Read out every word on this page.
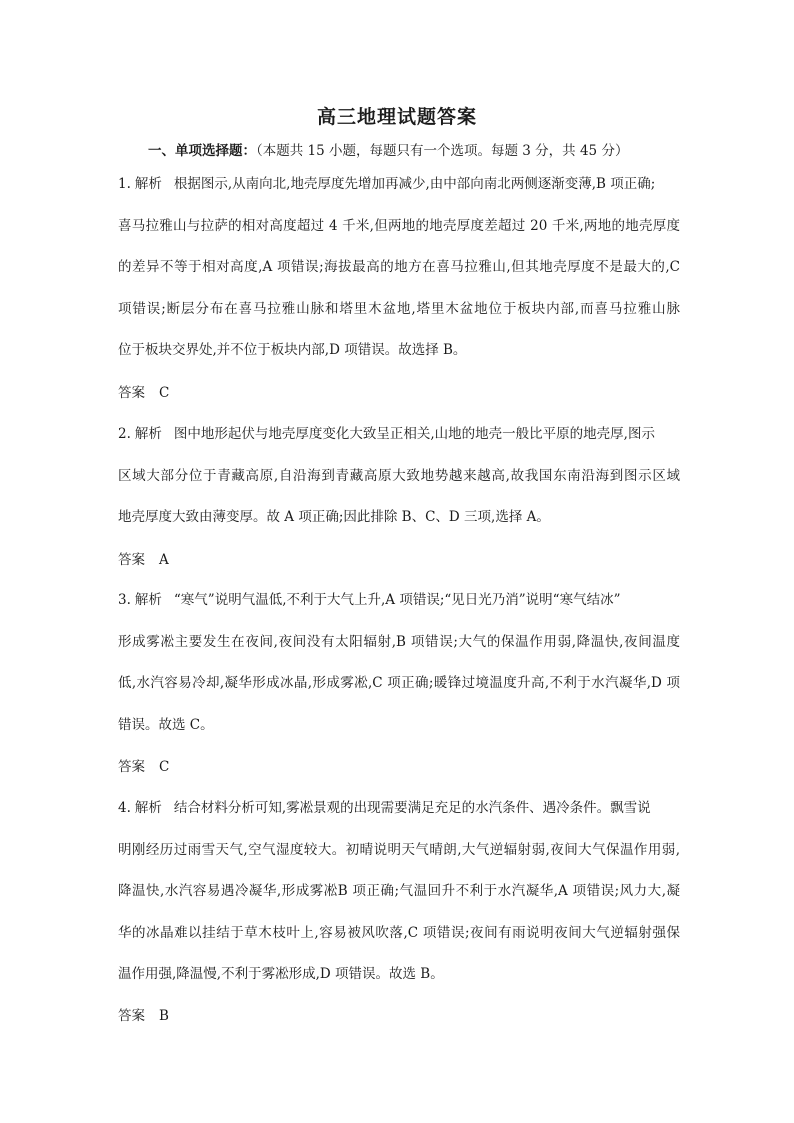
高三地理试题答案
一、单项选择题：（本题共 15 小题，每题只有一个选项。每题 3 分，共 45 分）
1. 解析 根据图示,从南向北,地壳厚度先增加再减少,由中部向南北两侧逐渐变薄,B 项正确;
喜马拉雅山与拉萨的相对高度超过 4 千米,但两地的地壳厚度差超过 20 千米,两地的地壳厚度
的差异不等于相对高度,A 项错误;海拔最高的地方在喜马拉雅山,但其地壳厚度不是最大的,C
项错误;断层分布在喜马拉雅山脉和塔里木盆地,塔里木盆地位于板块内部,而喜马拉雅山脉
位于板块交界处,并不位于板块内部,D 项错误。故选择 B。
答案 C
2. 解析 图中地形起伏与地壳厚度变化大致呈正相关,山地的地壳一般比平原的地壳厚,图示
区域大部分位于青藏高原,自沿海到青藏高原大致地势越来越高,故我国东南沿海到图示区域
地壳厚度大致由薄变厚。故 A 项正确;因此排除 B、C、D 三项,选择 A。
答案 A
3. 解析 “寒气”说明气温低,不利于大气上升,A 项错误;“见日光乃消”说明“寒气结冰”
形成雾凇主要发生在夜间,夜间没有太阳辐射,B 项错误;大气的保温作用弱,降温快,夜间温度
低,水汽容易冷却,凝华形成冰晶,形成雾凇,C 项正确;暖锋过境温度升高,不利于水汽凝华,D 项
错误。故选 C。
答案 C
4. 解析 结合材料分析可知,雾凇景观的出现需要满足充足的水汽条件、遇冷条件。飘雪说
明刚经历过雨雪天气,空气湿度较大。初晴说明天气晴朗,大气逆辐射弱,夜间大气保温作用弱,
降温快,水汽容易遇冷凝华,形成雾凇B 项正确;气温回升不利于水汽凝华,A 项错误;风力大,凝
华的冰晶难以挂结于草木枝叶上,容易被风吹落,C 项错误;夜间有雨说明夜间大气逆辐射强保
温作用强,降温慢,不利于雾凇形成,D 项错误。故选 B。
答案 B
